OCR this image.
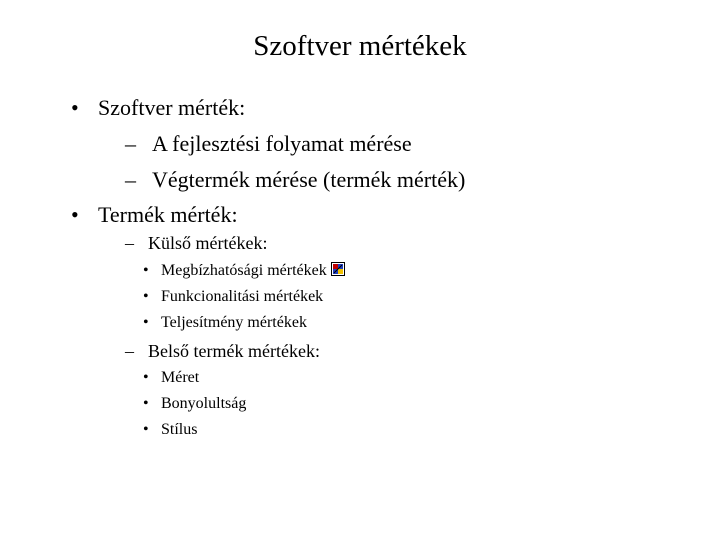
Szoftver mértékek
• Szoftver mérték:
– A fejlesztési folyamat mérése
– Végtermék mérése (termék mérték)
• Termék mérték:
– Külső mértékek:
• Megbízhatósági mértékek
• Funkcionalitási mértékek
• Teljesítmény mértékek
– Belső termék mértékek:
• Méret
• Bonyolultság
• Stílus
